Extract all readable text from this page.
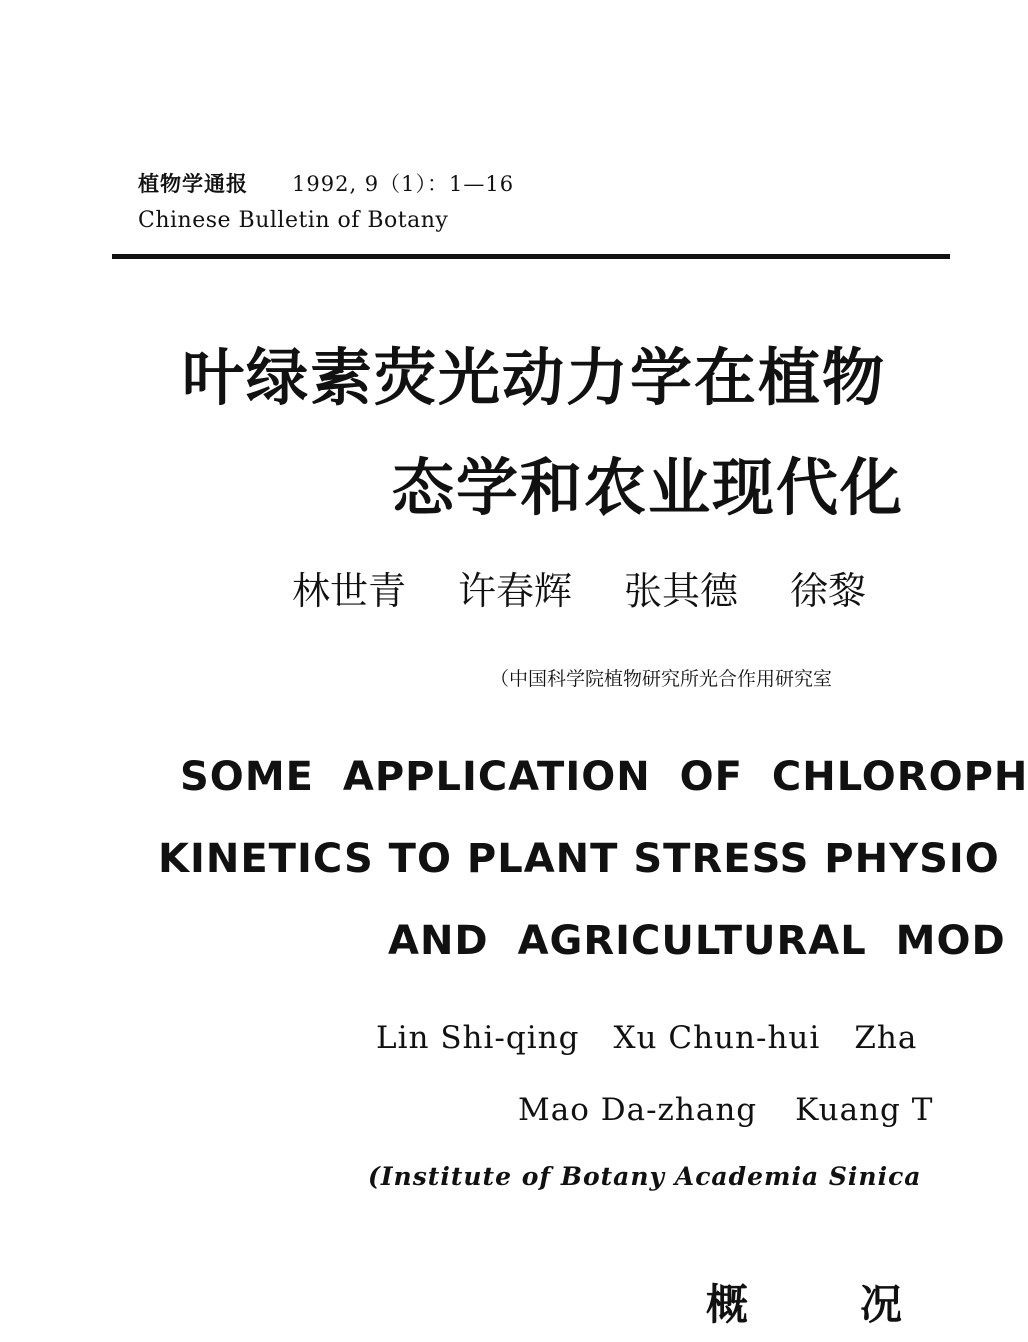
植物学通报 1992, 9（1）：1—16
Chinese Bulletin of Botany
叶绿素荧光动力学在植物
态学和农业现代化
林世青 许春辉 张其德 徐黎
（中国科学院植物研究所光合作用研究室
SOME APPLICATION OF CHLOROPH
KINETICS TO PLANT STRESS PHYSIO
AND AGRICULTURAL MOD
Lin Shi-qing Xu Chun-hui Zha
Mao Da-zhang Kuang T
(Institute of Botany Academia Sinica
概况
